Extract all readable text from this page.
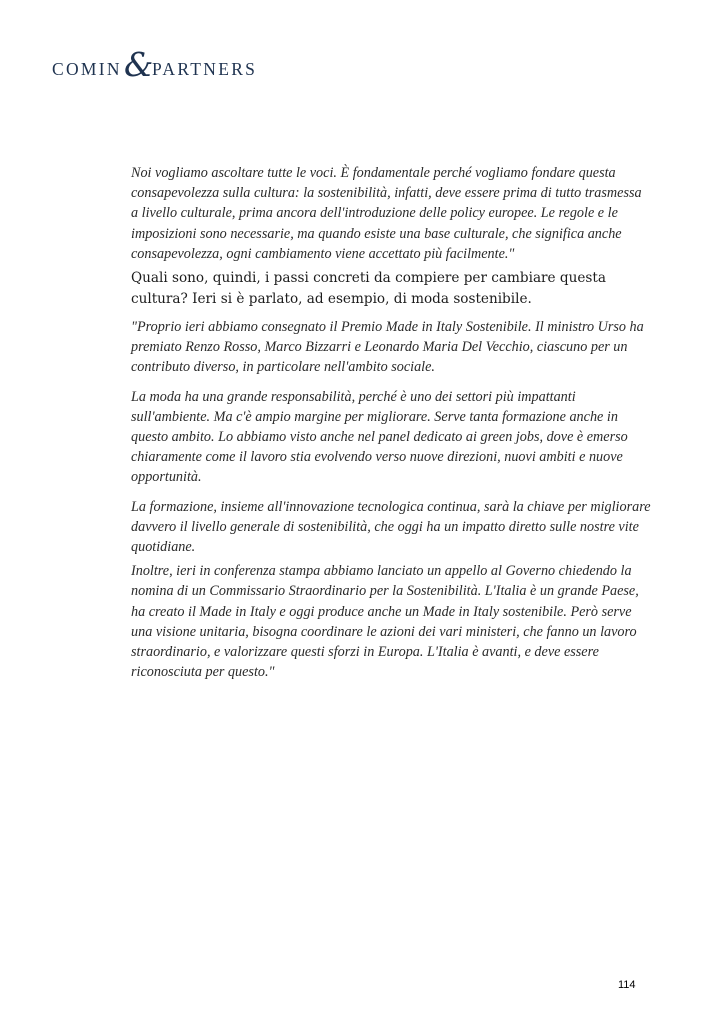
COMIN &
PARTNERS

Noi vogliamo ascoltare tutte le voci. È fondamentale perché vogliamo fondare questa consapevolezza sulla cultura: la sostenibilità, infatti, deve essere prima di tutto trasmessa a livello culturale, prima ancora dell'introduzione delle policy europee. Le regole e le imposizioni sono necessarie, ma quando esiste una base culturale, che significa anche consapevolezza, ogni cambiamento viene accettato più facilmente."

Quali sono, quindi, i passi concreti da compiere per cambiare questa cultura? Ieri si è parlato, ad esempio, di moda sostenibile.

"Proprio ieri abbiamo consegnato il Premio Made in Italy Sostenibile. Il ministro Urso ha premiato Renzo Rosso, Marco Bizzarri e Leonardo Maria Del Vecchio, ciascuno per un contributo diverso, in particolare nell'ambito sociale.

La moda ha una grande responsabilità, perché è uno dei settori più impattanti sull'ambiente. Ma c'è ampio margine per migliorare. Serve tanta formazione anche in questo ambito. Lo abbiamo visto anche nel panel dedicato ai green jobs, dove è emerso chiaramente come il lavoro stia evolvendo verso nuove direzioni, nuovi ambiti e nuove opportunità.

La formazione, insieme all'innovazione tecnologica continua, sarà la chiave per migliorare davvero il livello generale di sostenibilità, che oggi ha un impatto diretto sulle nostre vite quotidiane.

Inoltre, ieri in conferenza stampa abbiamo lanciato un appello al Governo chiedendo la nomina di un Commissario Straordinario per la Sostenibilità. L'Italia è un grande Paese, ha creato il Made in Italy e oggi produce anche un Made in Italy sostenibile. Però serve una visione unitaria, bisogna coordinare le azioni dei vari ministeri, che fanno un lavoro straordinario, e valorizzare questi sforzi in Europa. L'Italia è avanti, e deve essere riconosciuta per questo."

114
